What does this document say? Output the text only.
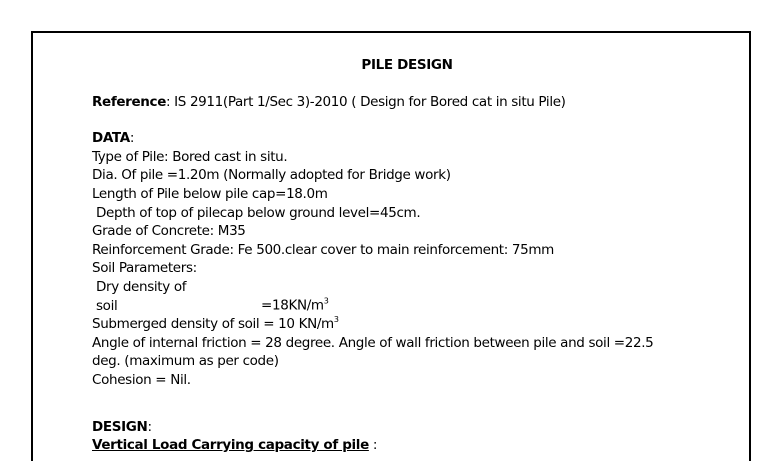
PILE DESIGN
Reference: IS 2911(Part 1/Sec 3)-2010 ( Design for Bored cat in situ Pile)
DATA:
Type of Pile: Bored cast in situ.
Dia. Of pile =1.20m (Normally adopted for Bridge work)
Length of Pile below pile cap=18.0m
Depth of top of pilecap below ground level=45cm.
Grade of Concrete: M35
Reinforcement Grade: Fe 500.clear cover to main reinforcement: 75mm
Soil Parameters:
Dry density of soil	$=18KN/m^3$
Submerged density of soil = 10 $KN/m^3$
Angle of internal friction = 28 degree. Angle of wall friction between pile and soil =22.5
deg. (maximum as per code)
Cohesion = Nil.
DESIGN:
Vertical Load Carrying capacity of pile :
